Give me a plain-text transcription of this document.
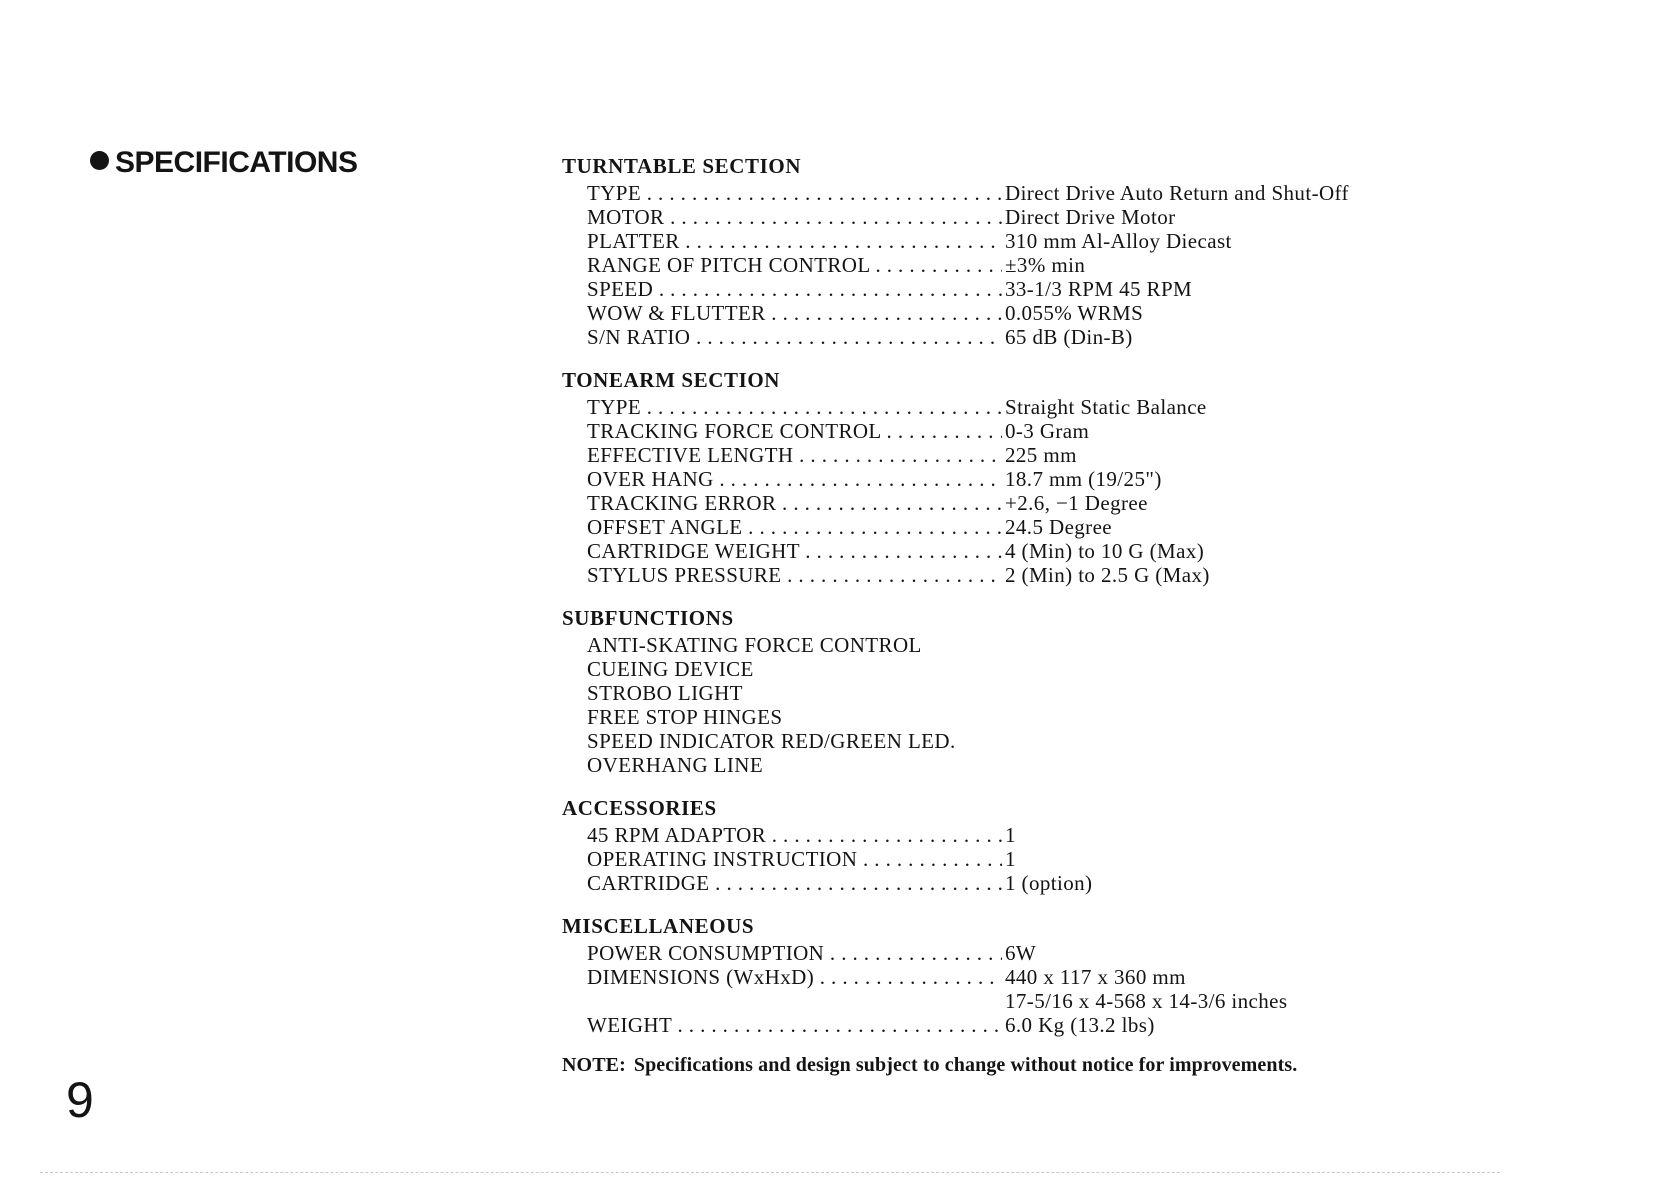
SPECIFICATIONS	TURNTABLE SECTION
TYPE . . .	Direct Drive Auto Return and Shut-Off
MOTOR . . .	Direct Drive Motor
PLATTER . . .	310 mm Al-Alloy Diecast
RANGE OF PITCH CONTROL . . .	±3% min
SPEED . . .	33-1/3 RPM 45 RPM
WOW & FLUTTER . . .	0.055% WRMS
S/N RATIO . . .	65 dB (Din-B)
TONEARM SECTION
TYPE . . .	Straight Static Balance
TRACKING FORCE CONTROL . . .	0-3 Gram
EFFECTIVE LENGTH . . .	225 mm
OVER HANG . . .	18.7 mm (19/25")
TRACKING ERROR . . .	+2.6, −1 Degree
OFFSET ANGLE . . .	24.5 Degree
CARTRIDGE WEIGHT . . .	4 (Min) to 10 G (Max)
STYLUS PRESSURE . . .	2 (Min) to 2.5 G (Max)
SUBFUNCTIONS
ANTI-SKATING FORCE CONTROL
CUEING DEVICE
STROBO LIGHT
FREE STOP HINGES
SPEED INDICATOR RED/GREEN LED.
OVERHANG LINE
ACCESSORIES
45 RPM ADAPTOR . . .	1
OPERATING INSTRUCTION . . .	1
CARTRIDGE . . .	1 (option)
MISCELLANEOUS
POWER CONSUMPTION . . .	6W
DIMENSIONS (WxHxD) . . .	440 x 117 x 360 mm
17-5/16 x 4-568 x 14-3/6 inches
WEIGHT . . .	6.0 Kg (13.2 lbs)
NOTE: Specifications and design subject to change without notice for improvements.
9
